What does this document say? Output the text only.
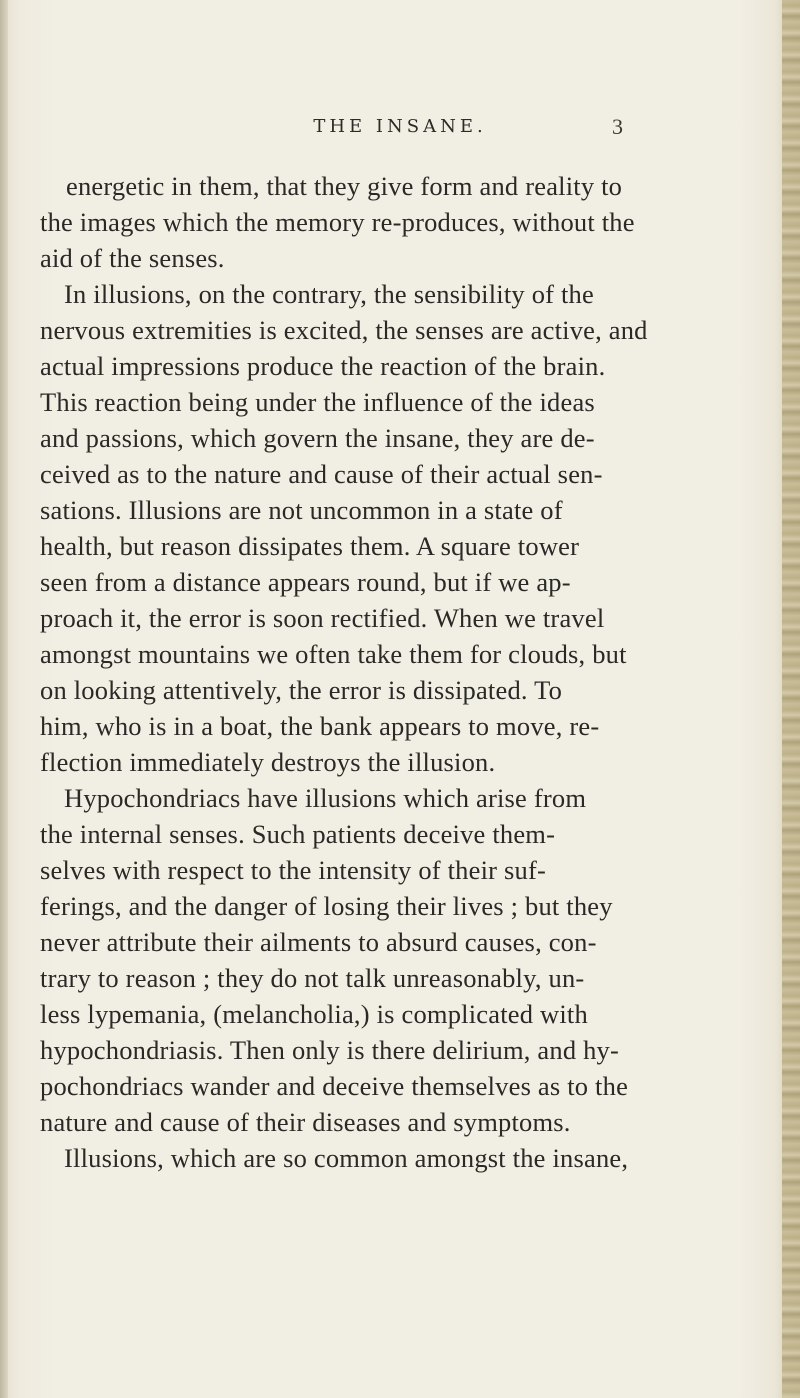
THE INSANE.	3
energetic in them, that they give form and reality to
the images which the memory re-produces, without the
aid of the senses.
In illusions, on the contrary, the sensibility of the
nervous extremities is excited, the senses are active, and
actual impressions produce the reaction of the brain.
This reaction being under the influence of the ideas
and passions, which govern the insane, they are de-
ceived as to the nature and cause of their actual sen-
sations. Illusions are not uncommon in a state of
health, but reason dissipates them. A square tower
seen from a distance appears round, but if we ap-
proach it, the error is soon rectified. When we travel
amongst mountains we often take them for clouds, but
on looking attentively, the error is dissipated. To
him, who is in a boat, the bank appears to move, re-
flection immediately destroys the illusion.
Hypochondriacs have illusions which arise from
the internal senses. Such patients deceive them-
selves with respect to the intensity of their suf-
ferings, and the danger of losing their lives ; but they
never attribute their ailments to absurd causes, con-
trary to reason ; they do not talk unreasonably, un-
less lypemania, (melancholia,) is complicated with
hypochondriasis. Then only is there delirium, and hy-
pochondriacs wander and deceive themselves as to the
nature and cause of their diseases and symptoms.
Illusions, which are so common amongst the insane,
